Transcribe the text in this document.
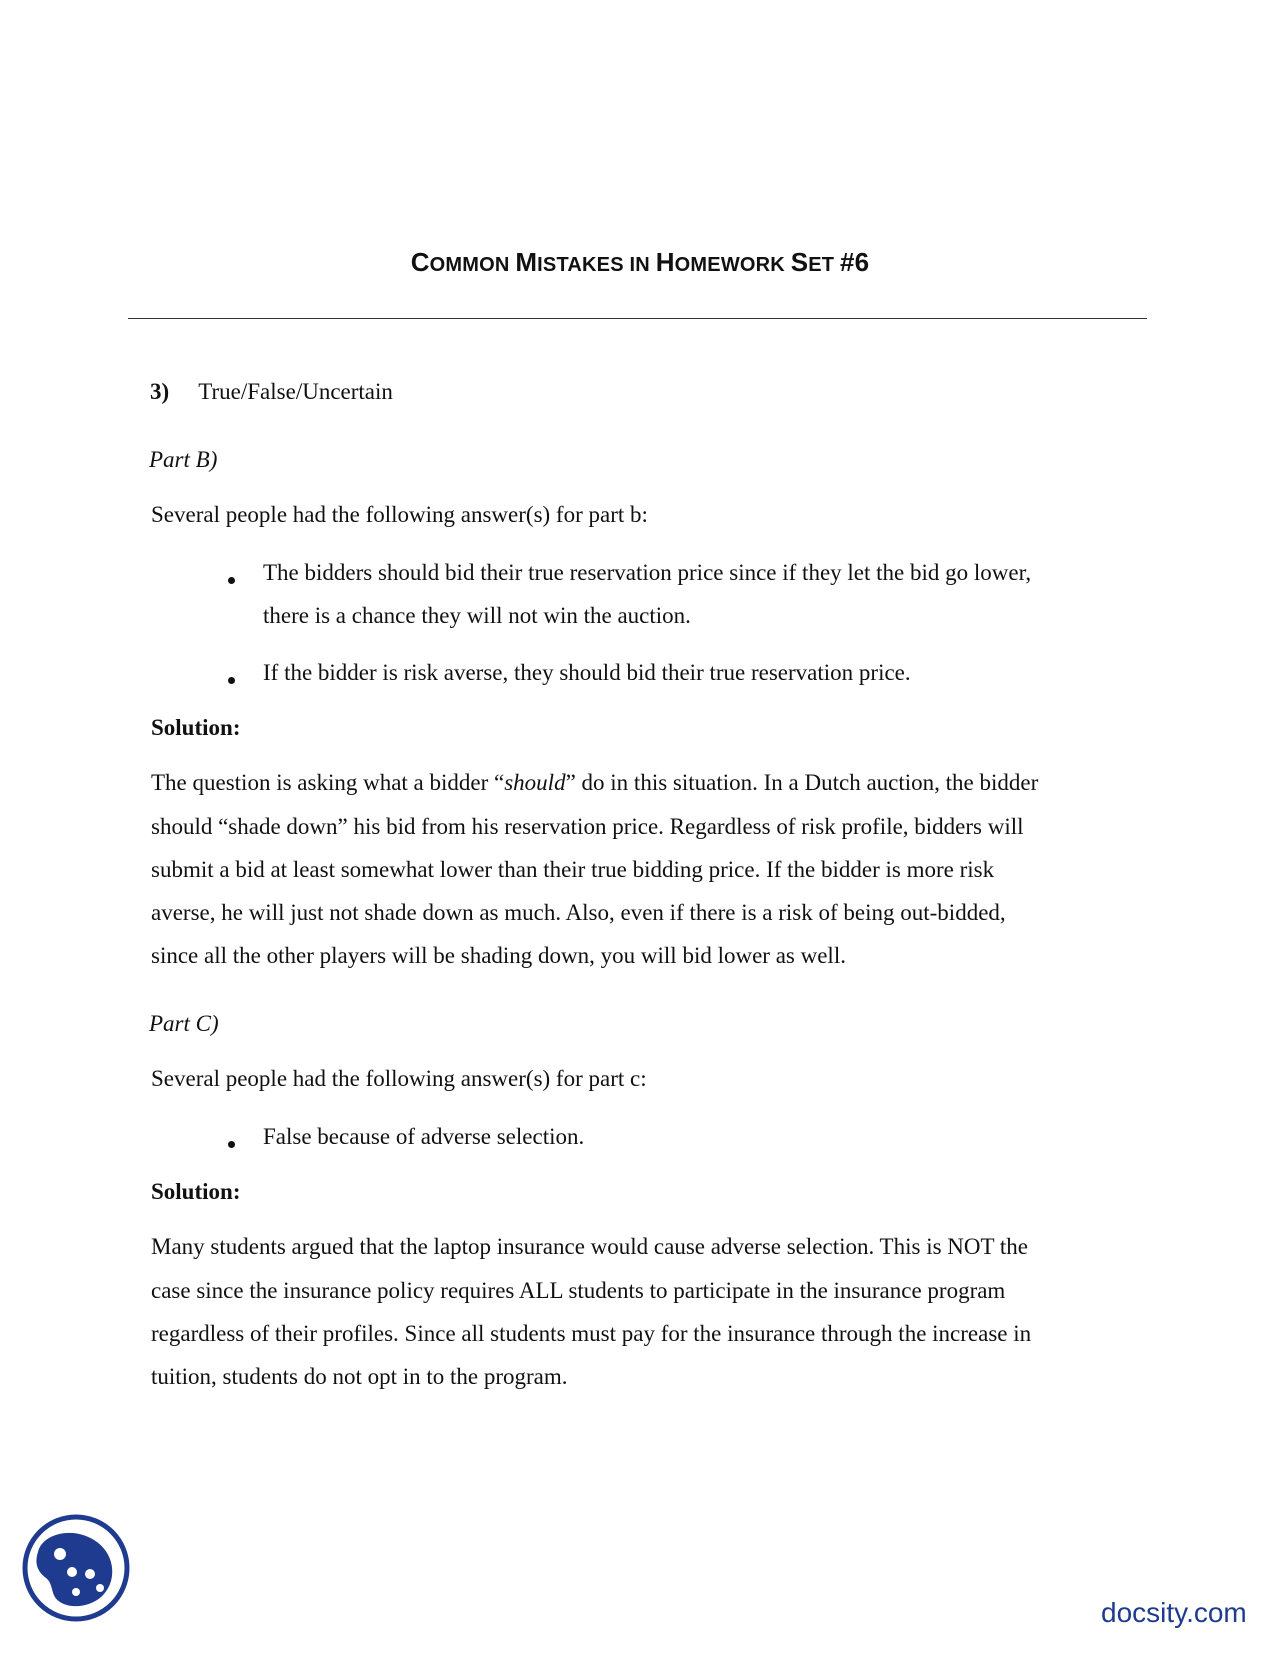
COMMON MISTAKES IN HOMEWORK SET #6
3) True/False/Uncertain
Part B)
Several people had the following answer(s) for part b:
The bidders should bid their true reservation price since if they let the bid go lower,
there is a chance they will not win the auction.
If the bidder is risk averse, they should bid their true reservation price.
Solution:
The question is asking what a bidder “should” do in this situation. In a Dutch auction, the bidder
should “shade down” his bid from his reservation price. Regardless of risk profile, bidders will
submit a bid at least somewhat lower than their true bidding price. If the bidder is more risk
averse, he will just not shade down as much. Also, even if there is a risk of being out-bidded,
since all the other players will be shading down, you will bid lower as well.
Part C)
Several people had the following answer(s) for part c:
False because of adverse selection.
Solution:
Many students argued that the laptop insurance would cause adverse selection. This is NOT the
case since the insurance policy requires ALL students to participate in the insurance program
regardless of their profiles. Since all students must pay for the insurance through the increase in
tuition, students do not opt in to the program.
docsity.com
